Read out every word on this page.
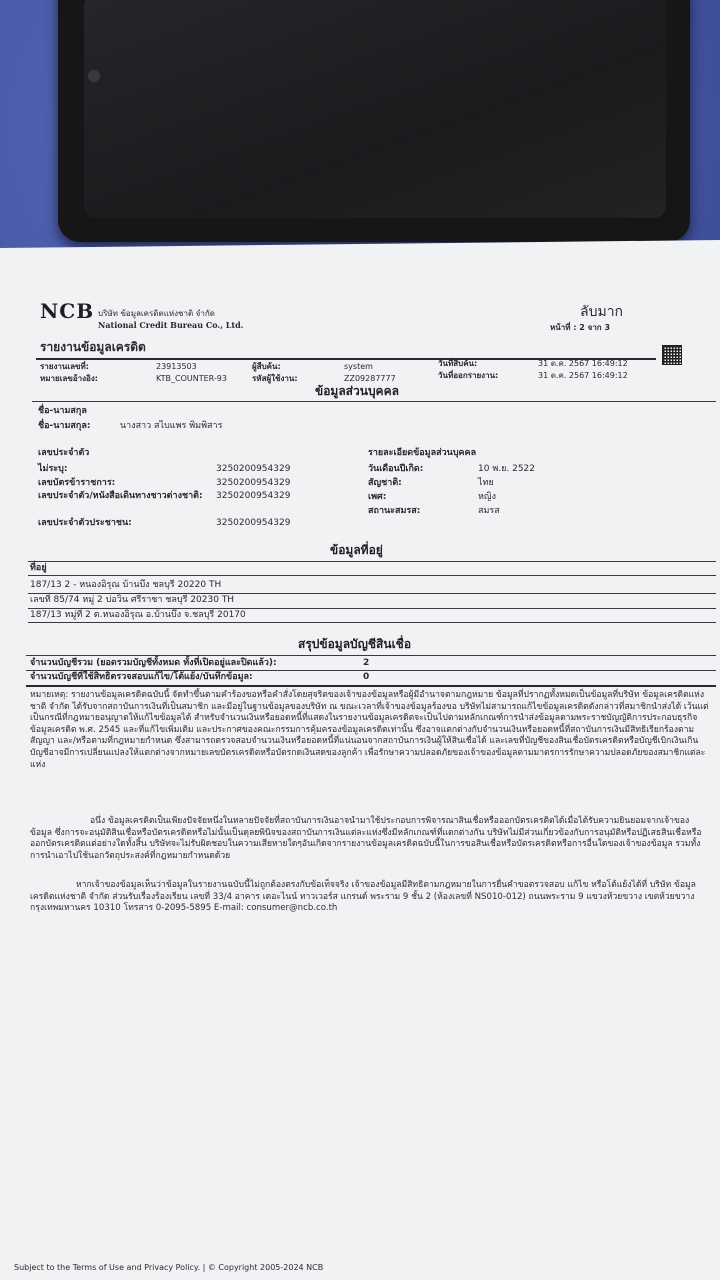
NCB บริษัท ข้อมูลเครดิตแห่งชาติ จำกัด
National Credit Bureau Co., Ltd.
ลับมาก
หน้าที่ : 2 จาก 3
รายงานข้อมูลเครดิต
รายงานเลขที่:	23913503	ผู้สืบค้น:	system	วันที่สืบค้น:	31 ต.ค. 2567 16:49:12
หมายเลขอ้างอิง:	KTB_COUNTER-93	รหัสผู้ใช้งาน:	ZZ09287777	วันที่ออกรายงาน:	31 ต.ค. 2567 16:49:12
ข้อมูลส่วนบุคคล
ชื่อ-นามสกุล
ชื่อ-นามสกุล:	นางสาว สไบแพร พิมพิสาร
เลขประจำตัว	รายละเอียดข้อมูลส่วนบุคคล
ไม่ระบุ:	3250200954329
เลขบัตรข้าราชการ:	3250200954329
เลขประจำตัว/หนังสือเดินทางชาวต่างชาติ:	3250200954329
เลขประจำตัวประชาชน:	3250200954329
วันเดือนปีเกิด:	10 พ.ย. 2522
สัญชาติ:	ไทย
เพศ:	หญิง
สถานะสมรส:	สมรส
ข้อมูลที่อยู่
ที่อยู่
187/13 2 - หนองอิรุณ บ้านบึง ชลบุรี 20220 TH
เลขที่ 85/74 หมู่ 2 บ่อวิน ศรีราชา ชลบุรี 20230 TH
187/13 หมู่ที่ 2 ต.หนองอิรุณ อ.บ้านบึง จ.ชลบุรี 20170
สรุปข้อมูลบัญชีสินเชื่อ
จำนวนบัญชีรวม (ยอดรวมบัญชีทั้งหมด ทั้งที่เปิดอยู่และปิดแล้ว):	2
จำนวนบัญชีที่ใช้สิทธิตรวจสอบแก้ไข/โต้แย้ง/บันทึกข้อมูล:	0
หมายเหตุ: รายงานข้อมูลเครดิตฉบับนี้ จัดทำขึ้นตามคำร้องขอหรือคำสั่งโดยสุจริตของเจ้าของข้อมูลหรือผู้มีอำนาจตามกฎหมาย ข้อมูลที่ปรากฏทั้งหมดเป็นข้อมูลที่บริษัท ข้อมูลเครดิตแห่งชาติ จำกัด ได้รับจากสถาบันการเงินที่เป็นสมาชิก และมีอยู่ในฐานข้อมูลของบริษัท ณ ขณะเวลาที่เจ้าของข้อมูลร้องขอ บริษัทไม่สามารถแก้ไขข้อมูลเครดิตดังกล่าวที่สมาชิกนำส่งได้ เว้นแต่เป็นกรณีที่กฎหมายอนุญาตให้แก้ไขข้อมูลได้ สำหรับจำนวนเงินหรือยอดหนี้ที่แสดงในรายงานข้อมูลเครดิตจะเป็นไปตามหลักเกณฑ์การนำส่งข้อมูลตามพระราชบัญญัติการประกอบธุรกิจข้อมูลเครดิต พ.ศ. 2545 และที่แก้ไขเพิ่มเติม และประกาศของคณะกรรมการคุ้มครองข้อมูลเครดิตเท่านั้น ซึ่งอาจแตกต่างกับจำนวนเงินหรือยอดหนี้ที่สถาบันการเงินมีสิทธิเรียกร้องตามสัญญา และ/หรือตามที่กฎหมายกำหนด ซึ่งสามารถตรวจสอบจำนวนเงินหรือยอดหนี้ที่แน่นอนจากสถาบันการเงินผู้ให้สินเชื่อได้ และเลขที่บัญชีของสินเชื่อบัตรเครดิตหรือบัญชีเบิกเงินเกินบัญชีอาจมีการเปลี่ยนแปลงให้แตกต่างจากหมายเลขบัตรเครดิตหรือบัตรกดเงินสดของลูกค้า เพื่อรักษาความปลอดภัยของเจ้าของข้อมูลตามมาตรการรักษาความปลอดภัยของสมาชิกแต่ละแห่ง
อนึ่ง ข้อมูลเครดิตเป็นเพียงปัจจัยหนึ่งในหลายปัจจัยที่สถาบันการเงินอาจนำมาใช้ประกอบการพิจารณาสินเชื่อหรือออกบัตรเครดิตได้เมื่อได้รับความยินยอมจากเจ้าของข้อมูล ซึ่งการจะอนุมัติสินเชื่อหรือบัตรเครดิตหรือไม่นั้นเป็นดุลยพินิจของสถาบันการเงินแต่ละแห่งซึ่งมีหลักเกณฑ์ที่แตกต่างกัน บริษัทไม่มีส่วนเกี่ยวข้องกับการอนุมัติหรือปฏิเสธสินเชื่อหรือออกบัตรเครดิตแต่อย่างใดทั้งสิ้น บริษัทจะไม่รับผิดชอบในความเสียหายใดๆอันเกิดจากรายงานข้อมูลเครดิตฉบับนี้ในการขอสินเชื่อหรือบัตรเครดิตหรือการอื่นใดของเจ้าของข้อมูล รวมทั้ง การนำเอาไปใช้นอกวัตถุประสงค์ที่กฎหมายกำหนดด้วย
หากเจ้าของข้อมูลเห็นว่าข้อมูลในรายงานฉบับนี้ไม่ถูกต้องตรงกับข้อเท็จจริง เจ้าของข้อมูลมีสิทธิตามกฎหมายในการยื่นคำขอตรวจสอบ แก้ไข หรือโต้แย้งได้ที่ บริษัท ข้อมูลเครดิตแห่งชาติ จำกัด ส่วนรับเรื่องร้องเรียน เลขที่ 33/4 อาคาร เดอะไนน์ ทาวเวอร์ส แกรนด์ พระราม 9 ชั้น 2 (ห้องเลขที่ NS010-012) ถนนพระราม 9 แขวงห้วยขวาง เขตห้วยขวาง กรุงเทพมหานคร 10310 โทรสาร 0-2095-5895 E-mail: consumer@ncb.co.th
Subject to the Terms of Use and Privacy Policy. | © Copyright 2005-2024 NCB
